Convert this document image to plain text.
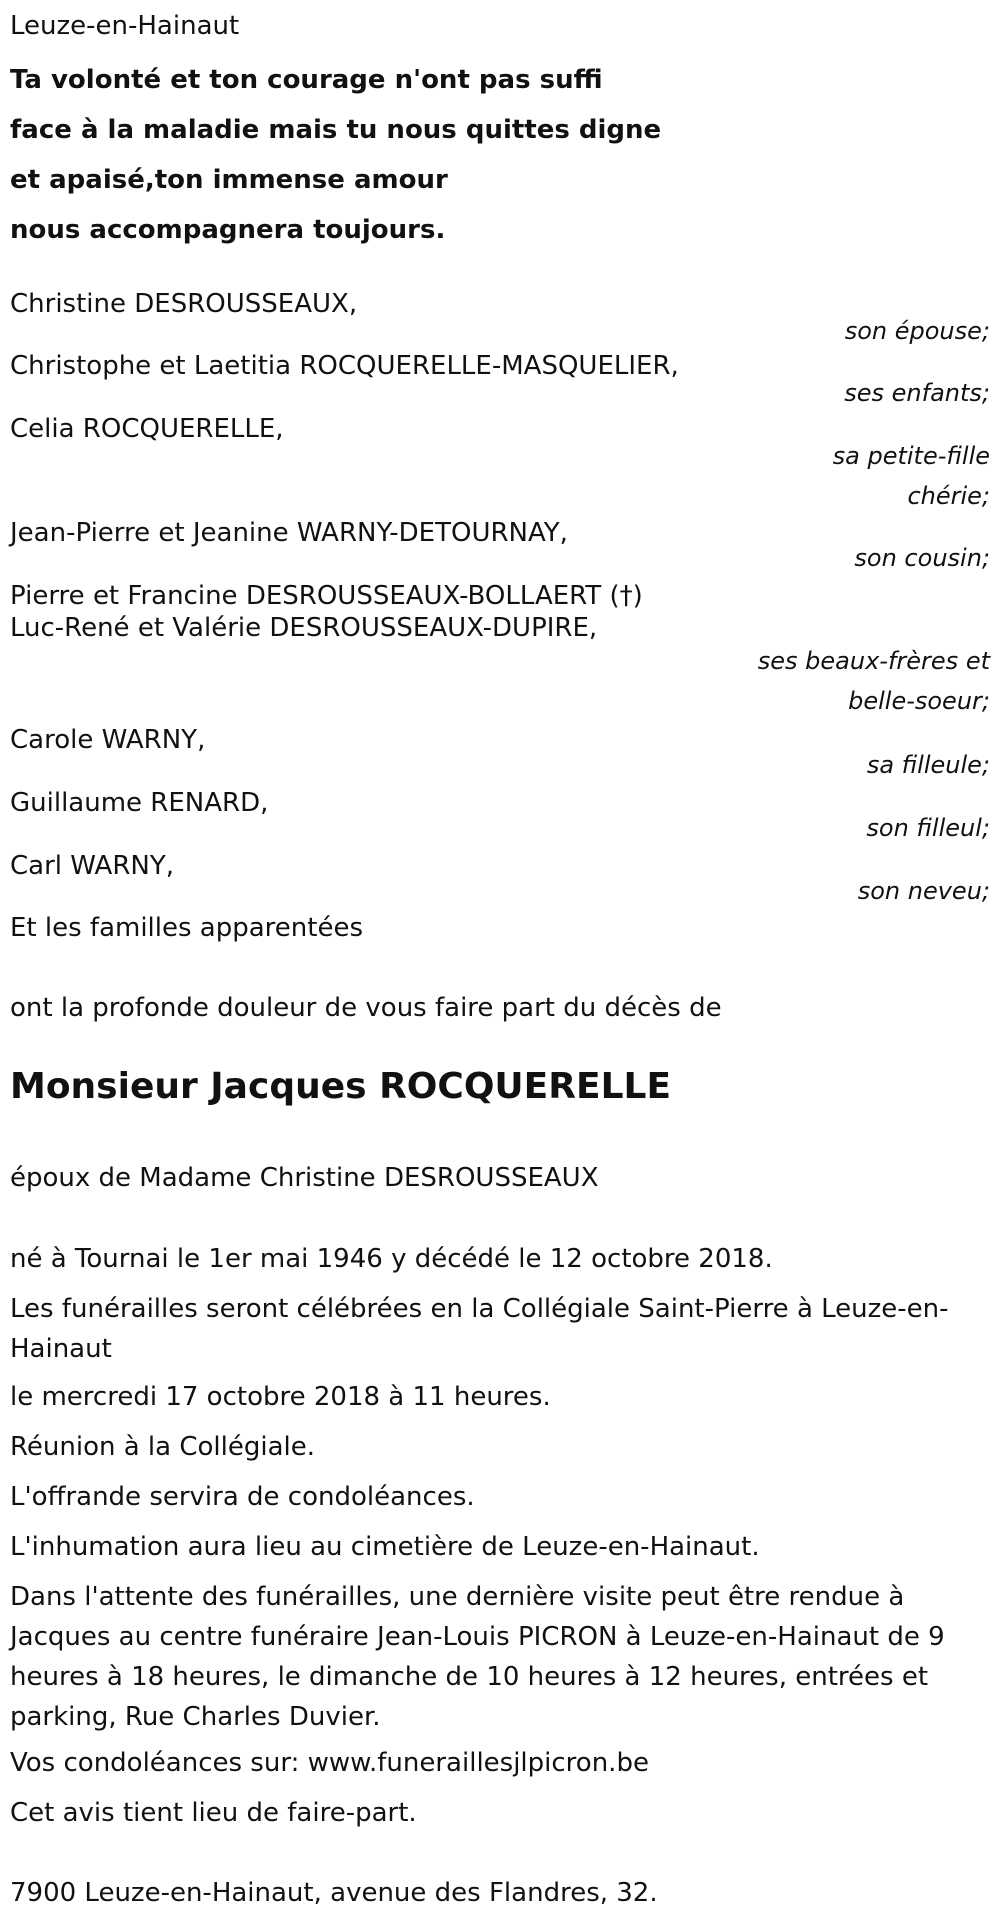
Leuze-en-Hainaut
Ta volonté et ton courage n'ont pas suffi
face à la maladie mais tu nous quittes digne
et apaisé,ton immense amour
nous accompagnera toujours.
Christine DESROUSSEAUX,
son épouse;
Christophe et Laetitia ROCQUERELLE-MASQUELIER,
ses enfants;
Celia ROCQUERELLE,
sa petite-fille
chérie;
Jean-Pierre et Jeanine WARNY-DETOURNAY,
son cousin;
Pierre et Francine DESROUSSEAUX-BOLLAERT (†)
Luc-René et Valérie DESROUSSEAUX-DUPIRE,
ses beaux-frères et
belle-soeur;
Carole WARNY,
sa filleule;
Guillaume RENARD,
son filleul;
Carl WARNY,
son neveu;
Et les familles apparentées
ont la profonde douleur de vous faire part du décès de
Monsieur Jacques ROCQUERELLE
époux de Madame Christine DESROUSSEAUX
né à Tournai le 1er mai 1946 y décédé le 12 octobre 2018.
Les funérailles seront célébrées en la Collégiale Saint-Pierre à Leuze-en-Hainaut
le mercredi 17 octobre 2018 à 11 heures.
Réunion à la Collégiale.
L'offrande servira de condoléances.
L'inhumation aura lieu au cimetière de Leuze-en-Hainaut.
Dans l'attente des funérailles, une dernière visite peut être rendue à Jacques au centre funéraire Jean-Louis PICRON à Leuze-en-Hainaut de 9 heures à 18 heures, le dimanche de 10 heures à 12 heures, entrées et parking, Rue Charles Duvier.
Vos condoléances sur: www.funeraillesjlpicron.be
Cet avis tient lieu de faire-part.
7900 Leuze-en-Hainaut, avenue des Flandres, 32.
